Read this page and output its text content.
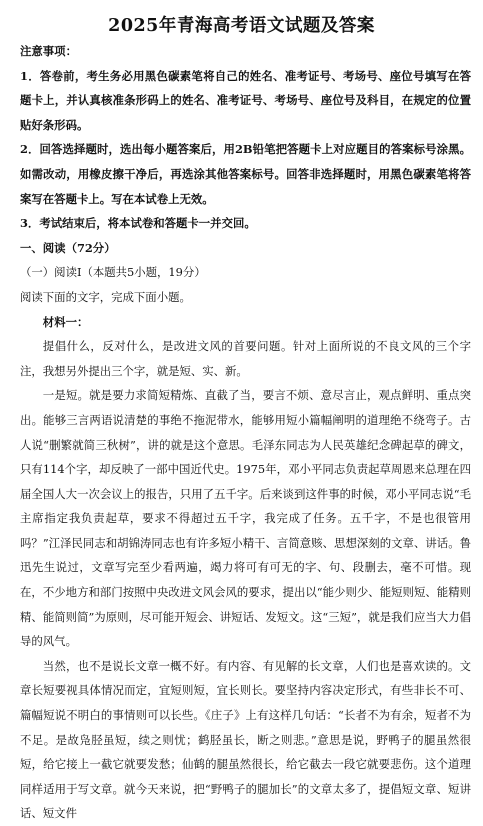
2025年青海高考语文试题及答案
注意事项：

1．答卷前，考生务必用黑色碳素笔将自己的姓名、准考证号、考场号、座位号填写在答题卡上，并认真核准条形码上的姓名、准考证号、考场号、座位号及科目，在规定的位置贴好条形码。

2．回答选择题时，选出每小题答案后，用2B铅笔把答题卡上对应题目的答案标号涂黑。如需改动，用橡皮擦干净后，再选涂其他答案标号。回答非选择题时，用黑色碳素笔将答案写在答题卡上。写在本试卷上无效。

3．考试结束后，将本试卷和答题卡一并交回。

一、阅读（72分）
（一）阅读Ⅰ（本题共5小题，19分）
阅读下面的文字，完成下面小题。
材料一：

提倡什么，反对什么，是改进文风的首要问题。针对上面所说的不良文风的三个字注，我想另外提出三个字，就是短、实、新。

一是短。就是要力求简短精炼、直截了当，要言不烦、意尽言止，观点鲜明、重点突出。能够三言两语说清楚的事绝不拖泥带水，能够用短小篇幅阐明的道理绝不绕弯子。古人说“删繁就简三秋树”，讲的就是这个意思。毛泽东同志为人民英雄纪念碑起草的碑文，只有114个字，却反映了一部中国近代史。1975年，邓小平同志负责起草周恩来总理在四届全国人大一次会议上的报告，只用了五千字。后来谈到这件事的时候，邓小平同志说“毛主席指定我负责起草，要求不得超过五千字，我完成了任务。五千字，不是也很管用吗？”江泽民同志和胡锦涛同志也有许多短小精干、言简意赅、思想深刻的文章、讲话。鲁迅先生说过，文章写完至少看两遍，竭力将可有可无的字、句、段删去，毫不可惜。现在，不少地方和部门按照中央改进文风会风的要求，提出以“能少则少、能短则短、能精则精、能简则简”为原则，尽可能开短会、讲短话、发短文。这“三短”，就是我们应当大力倡导的风气。

当然，也不是说长文章一概不好。有内容、有见解的长文章，人们也是喜欢读的。文章长短要视具体情况而定，宜短则短，宜长则长。要坚持内容决定形式，有些非长不可、篇幅短说不明白的事情则可以长些。《庄子》上有这样几句话：“长者不为有余，短者不为不足。是故凫胫虽短，续之则忧；鹤胫虽长，断之则悲。”意思是说，野鸭子的腿虽然很短，给它接上一截它就要发愁；仙鹤的腿虽然很长，给它截去一段它就要悲伤。这个道理同样适用于写文章。就今天来说，把“野鸭子的腿加长”的文章太多了，提倡短文章、短讲话、短文件
